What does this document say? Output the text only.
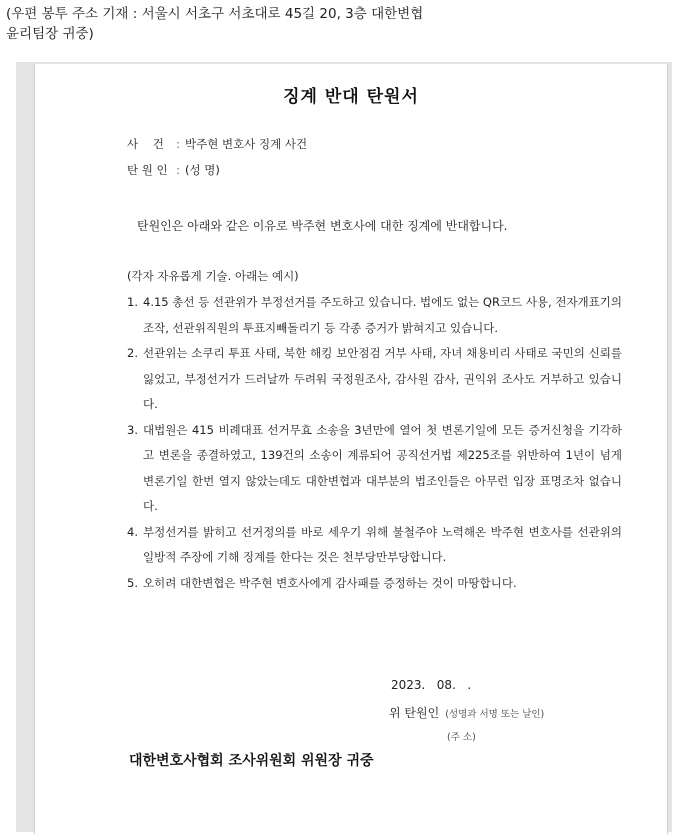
(우편 봉투 주소 기재 : 서울시 서초구 서초대로 45길 20, 3층 대한변협
윤리팀장 귀중)
징계 반대 탄원서
사    건 : 박주현 변호사 징계 사건
탄 원 인 : (성 명)
탄원인은 아래와 같은 이유로 박주현 변호사에 대한 징계에 반대합니다.
(각자 자유롭게 기술. 아래는 예시)
1. 4.15 총선 등 선관위가 부정선거를 주도하고 있습니다. 법에도 없는 QR코드 사용, 전자개표기의 조작, 선관위직원의 투표지빼돌리기 등 각종 증거가 밝혀지고 있습니다.
2. 선관위는 소쿠리 투표 사태, 북한 해킹 보안점검 거부 사태, 자녀 채용비리 사태로 국민의 신뢰를 잃었고, 부정선거가 드러날까 두려워 국정원조사, 감사원 감사, 권익위 조사도 거부하고 있습니다.
3. 대법원은 415 비례대표 선거무효 소송을 3년만에 열어 첫 변론기일에 모든 증거신청을 기각하고 변론을 종결하였고, 139건의 소송이 계류되어 공직선거법 제225조를 위반하여 1년이 넘게 변론기일 한번 열지 않았는데도 대한변협과 대부분의 법조인들은 아무런 입장 표명조차 없습니다.
4. 부정선거를 밝히고 선거정의를 바로 세우기 위해 불철주야 노력해온 박주현 변호사를 선관위의 일방적 주장에 기해 징계를 한다는 것은 천부당만부당합니다.
5. 오히려 대한변협은 박주현 변호사에게 감사패를 증정하는 것이 마땅합니다.
2023.   08.   .
위 탄원인 (성명과 서명 또는 날인)
(주 소)
대한변호사협회 조사위원회 위원장 귀중
